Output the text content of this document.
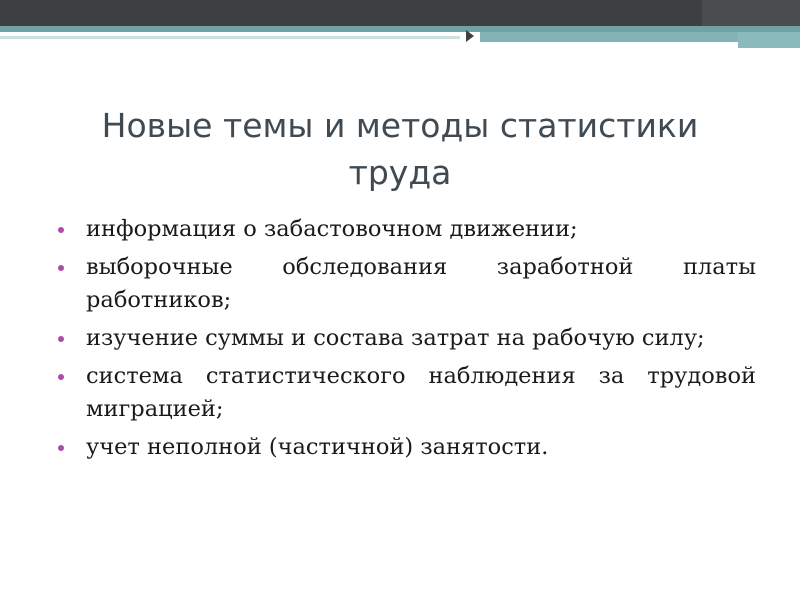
Новые темы и методы статистики труда
информация о забастовочном движении;
выборочные обследования заработной платы работников;
изучение суммы и состава затрат на рабочую силу;
система статистического наблюдения за трудовой миграцией;
учет неполной (частичной) занятости.
